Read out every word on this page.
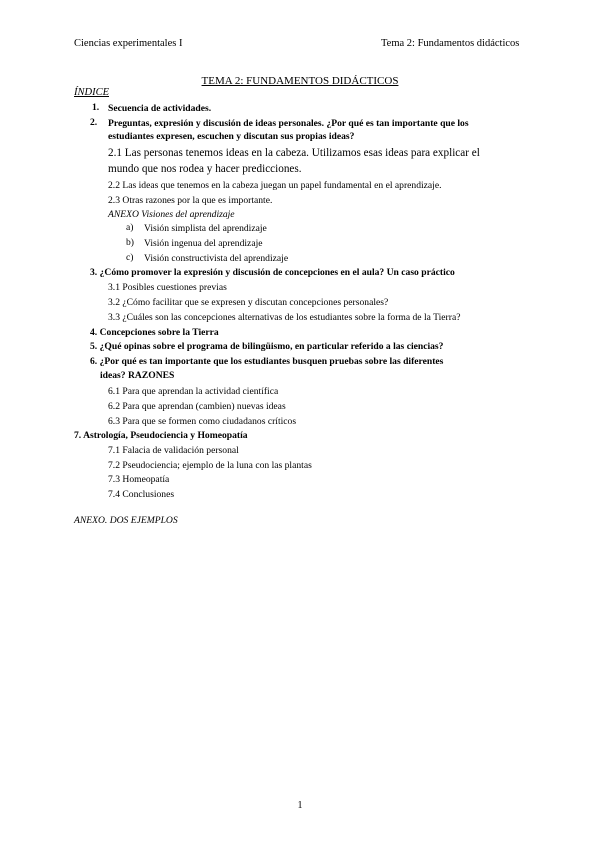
Ciencias experimentales I	Tema 2: Fundamentos didácticos
TEMA 2: FUNDAMENTOS DIDÁCTICOS
ÍNDICE
1. Secuencia de actividades.
2. Preguntas, expresión y discusión de ideas personales. ¿Por qué es tan importante que los
estudiantes expresen, escuchen y discutan sus propias ideas?
2.1 Las personas tenemos ideas en la cabeza. Utilizamos esas ideas para explicar el
mundo que nos rodea y hacer predicciones.
2.2 Las ideas que tenemos en la cabeza juegan un papel fundamental en el aprendizaje.
2.3 Otras razones por la que es importante.
ANEXO Visiones del aprendizaje
a) Visión simplista del aprendizaje
b) Visión ingenua del aprendizaje
c) Visión constructivista del aprendizaje
3. ¿Cómo promover la expresión y discusión de concepciones en el aula? Un caso práctico
3.1 Posibles cuestiones previas
3.2 ¿Cómo facilitar que se expresen y discutan concepciones personales?
3.3 ¿Cuáles son las concepciones alternativas de los estudiantes sobre la forma de la Tierra?
4. Concepciones sobre la Tierra
5. ¿Qué opinas sobre el programa de bilingüismo, en particular referido a las ciencias?
6. ¿Por qué es tan importante que los estudiantes busquen pruebas sobre las diferentes
ideas? RAZONES
6.1 Para que aprendan la actividad científica
6.2 Para que aprendan (cambien) nuevas ideas
6.3 Para que se formen como ciudadanos críticos
7. Astrología, Pseudociencia y Homeopatía
7.1 Falacia de validación personal
7.2 Pseudociencia; ejemplo de la luna con las plantas
7.3 Homeopatía
7.4 Conclusiones
ANEXO. DOS EJEMPLOS
1
